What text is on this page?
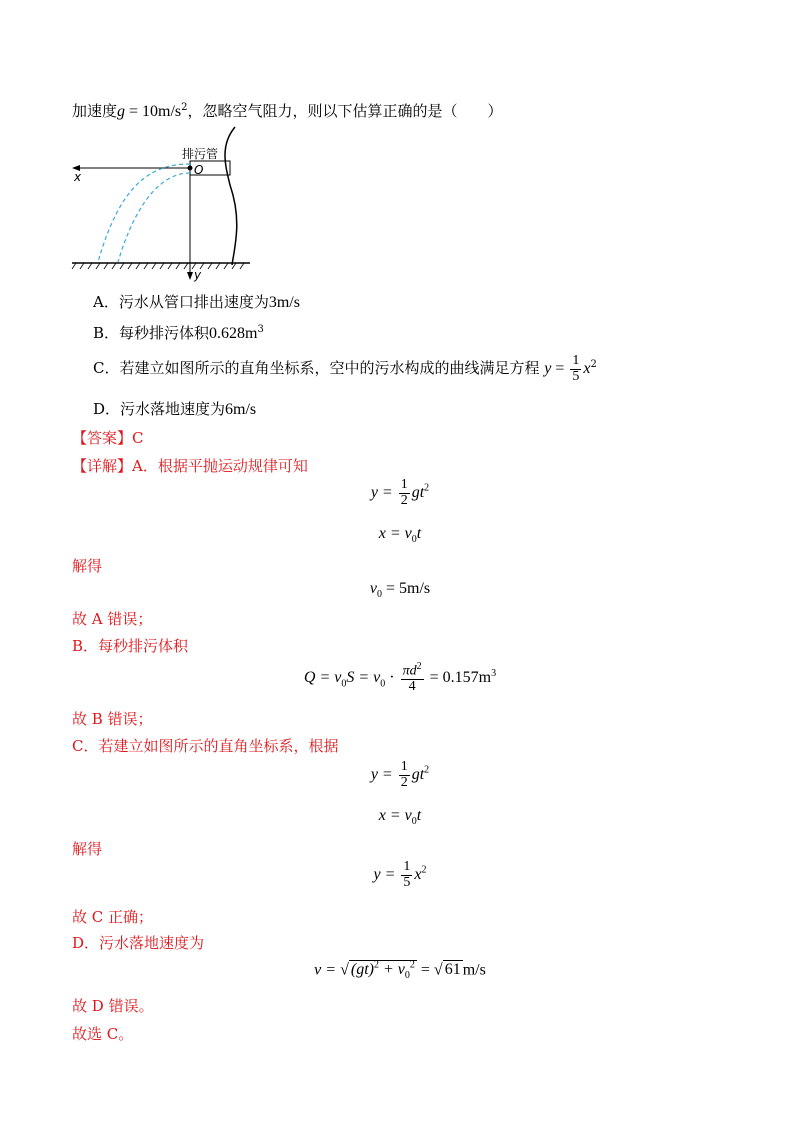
加速度$g = 10m/s^2$，忽略空气阻力，则以下估算正确的是（　　）
排污管
O
x
y
A．污水从管口排出速度为3m/s
B．每秒排污体积$0.628m^3$
C．若建立如图所示的直角坐标系，空中的污水构成的曲线满足方程 $y = \frac{1}{5} x^2$
D．污水落地速度为6m/s
【答案】C
【详解】A．根据平抛运动规律可知
$y = \frac{1}{2} gt^2$
$x = v_0t$
解得
$v_0 = 5m/s$
故 A 错误；
B．每秒排污体积
$Q = v_0S = v_0 \cdot \frac{\pi d^2}{4} = 0.157m^3$
故 B 错误；
C．若建立如图所示的直角坐标系，根据
$y = \frac{1}{2} gt^2$
$x = v_0t$
解得
$y = \frac{1}{5} x^2$
故 C 正确；
D．污水落地速度为
v = √ $(gt)^2 + v_0^2$ = √ 61 m/s
故 D 错误。
故选 C。
